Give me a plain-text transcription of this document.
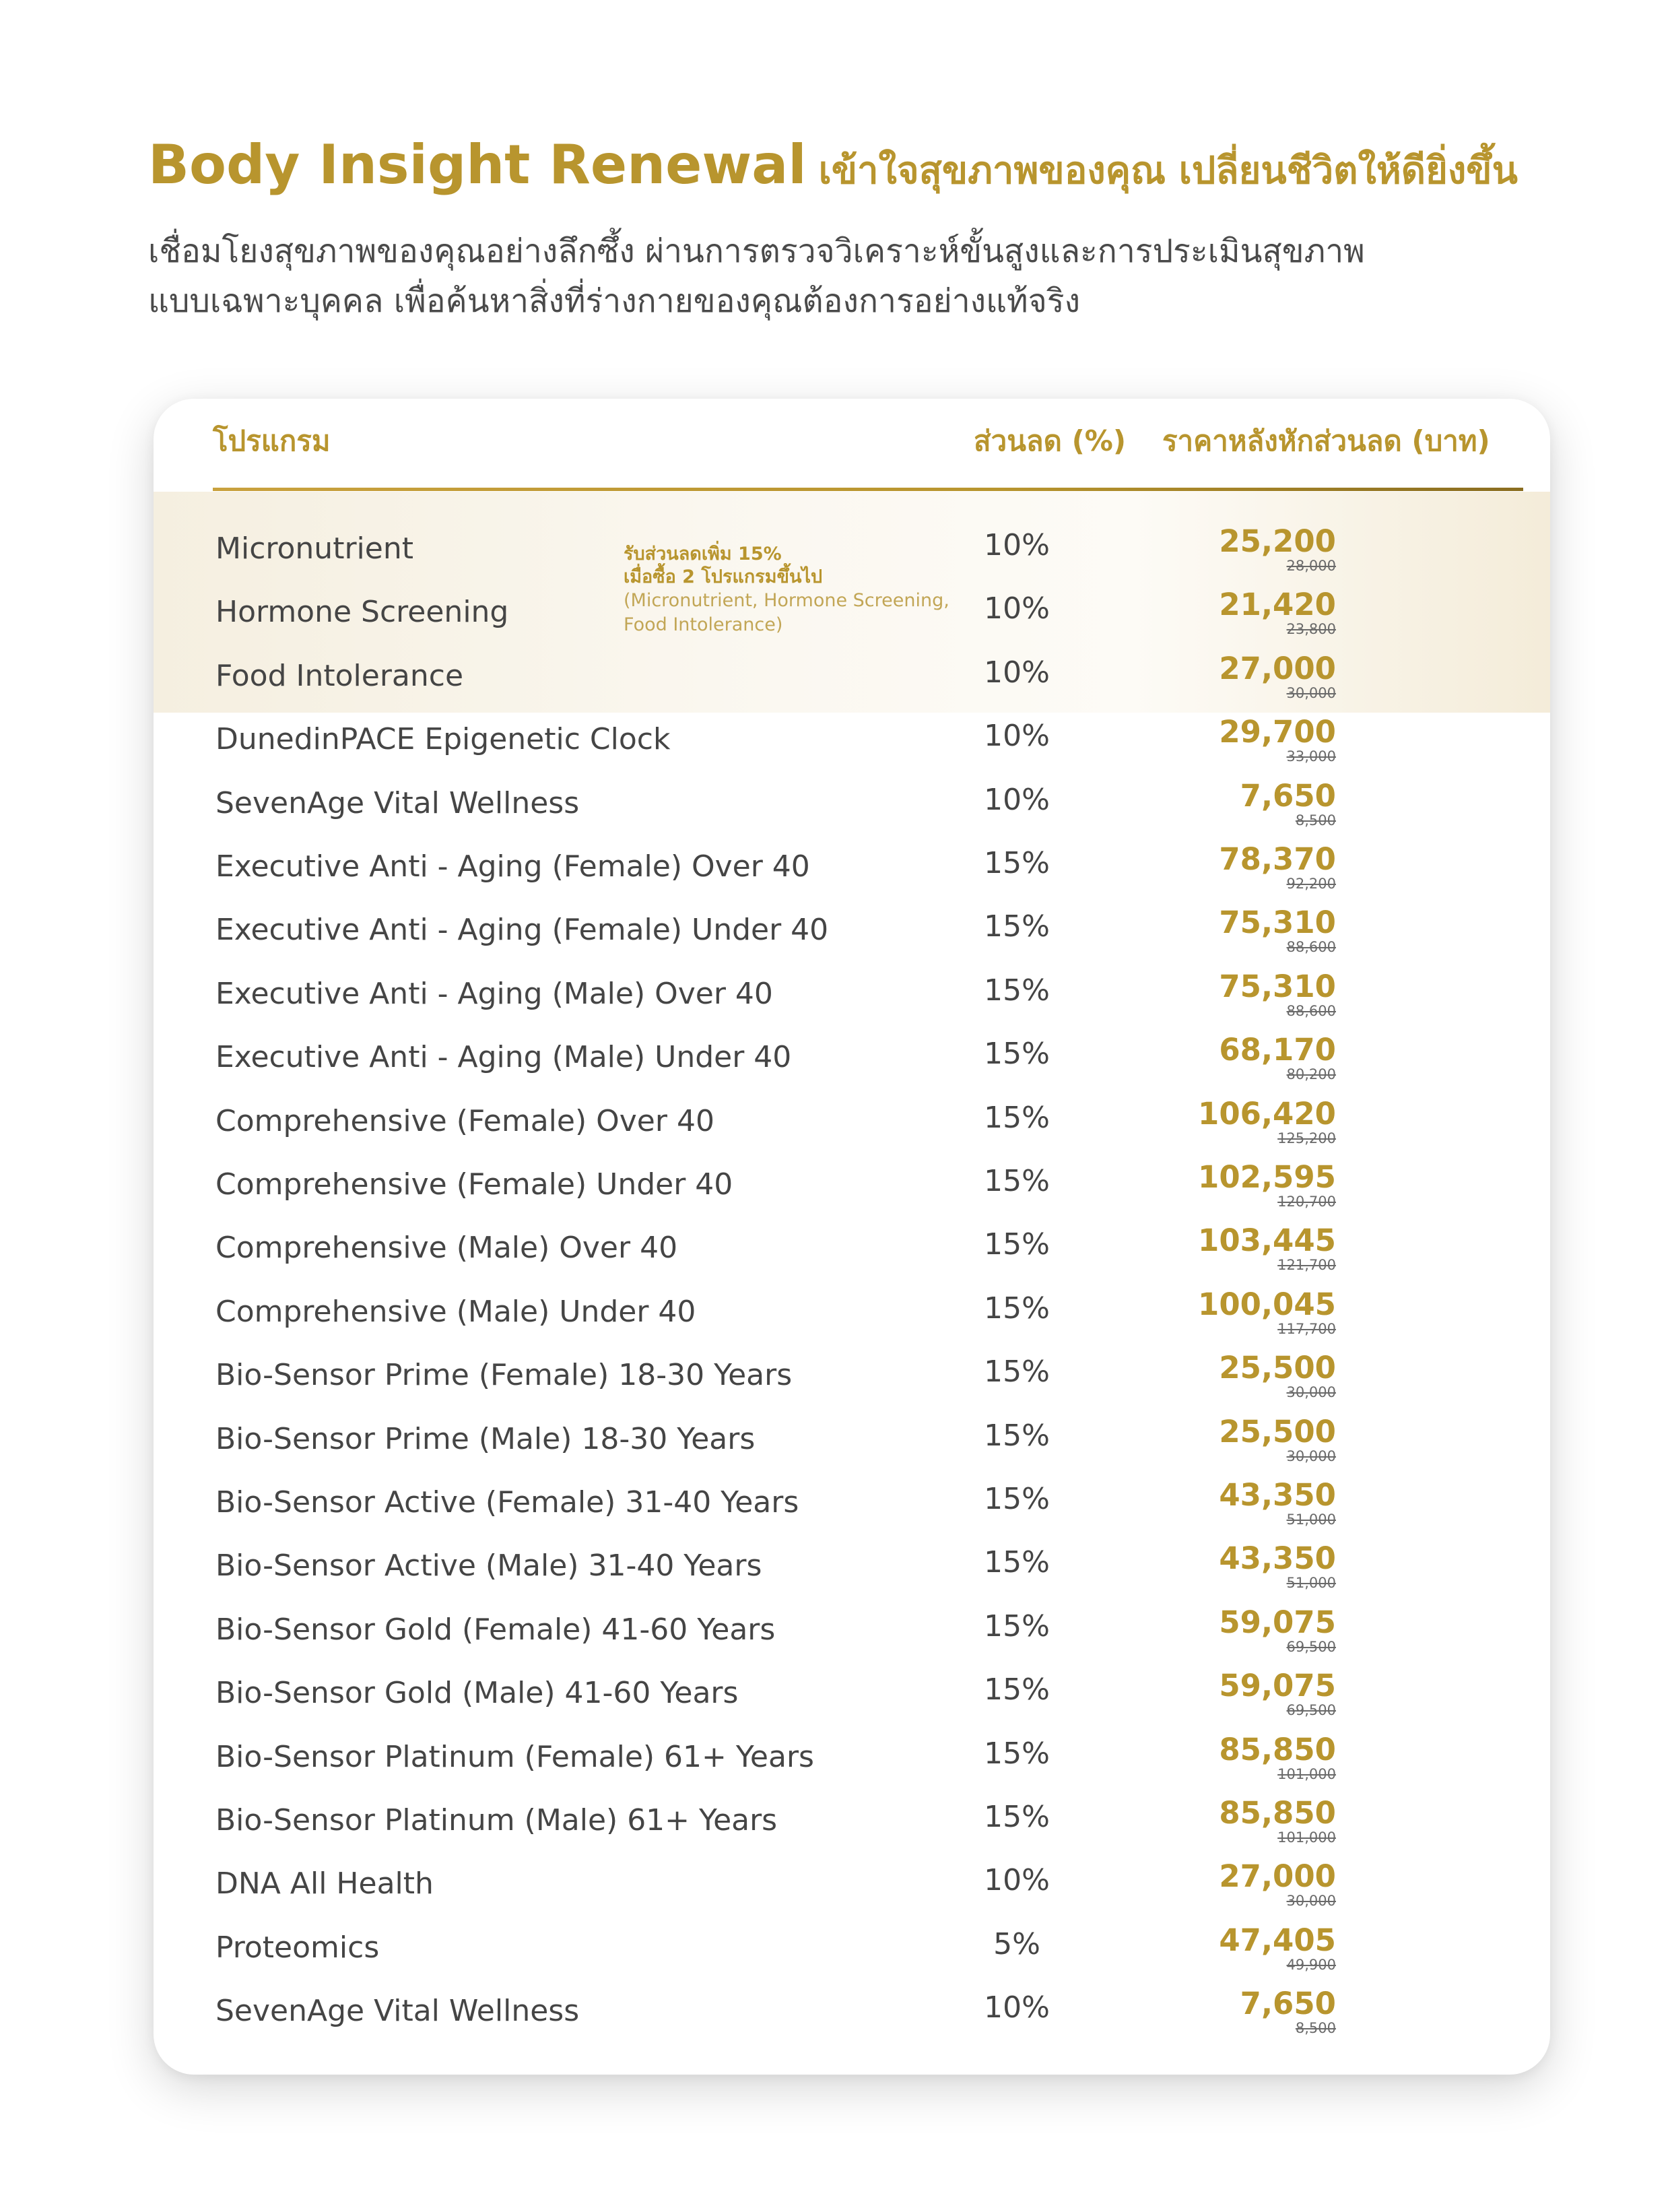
Body Insight Renewal เข้าใจสุขภาพของคุณ เปลี่ยนชีวิตให้ดียิ่งขึ้น

เชื่อมโยงสุขภาพของคุณอย่างลึกซึ้ง ผ่านการตรวจวิเคราะห์ขั้นสูงและการประเมินสุขภาพ
แบบเฉพาะบุคคล เพื่อค้นหาสิ่งที่ร่างกายของคุณต้องการอย่างแท้จริง

โปรแกรม	ส่วนลด (%) ราคาหลังหักส่วนลด (บาท)
รับส่วนลดเพิ่ม 15%
เมื่อซื้อ 2 โปรแกรมขึ้นไป
(Micronutrient, Hormone Screening,
Food Intolerance)
Micronutrient	10%	25,200
28,000
Hormone Screening	10%	21,420
23,800
Food Intolerance	10%	27,000
30,000
DunedinPACE Epigenetic Clock	10%	29,700
33,000
SevenAge Vital Wellness	10%	7,650
8,500
Executive Anti - Aging (Female) Over 40	15%	78,370
92,200
Executive Anti - Aging (Female) Under 40	15%	75,310
88,600
Executive Anti - Aging (Male) Over 40	15%	75,310
88,600
Executive Anti - Aging (Male) Under 40	15%	68,170
80,200
Comprehensive (Female) Over 40	15%	106,420
125,200
Comprehensive (Female) Under 40	15%	102,595
120,700
Comprehensive (Male) Over 40	15%	103,445
121,700
Comprehensive (Male) Under 40	15%	100,045
117,700
Bio-Sensor Prime (Female) 18-30 Years	15%	25,500
30,000
Bio-Sensor Prime (Male) 18-30 Years	15%	25,500
30,000
Bio-Sensor Active (Female) 31-40 Years	15%	43,350
51,000
Bio-Sensor Active (Male) 31-40 Years	15%	43,350
51,000
Bio-Sensor Gold (Female) 41-60 Years	15%	59,075
69,500
Bio-Sensor Gold (Male) 41-60 Years	15%	59,075
69,500
Bio-Sensor Platinum (Female) 61+ Years	15%	85,850
101,000
Bio-Sensor Platinum (Male) 61+ Years	15%	85,850
101,000
DNA All Health	10%	27,000
30,000
Proteomics	5%	47,405
49,900
SevenAge Vital Wellness	10%	7,650
8,500
